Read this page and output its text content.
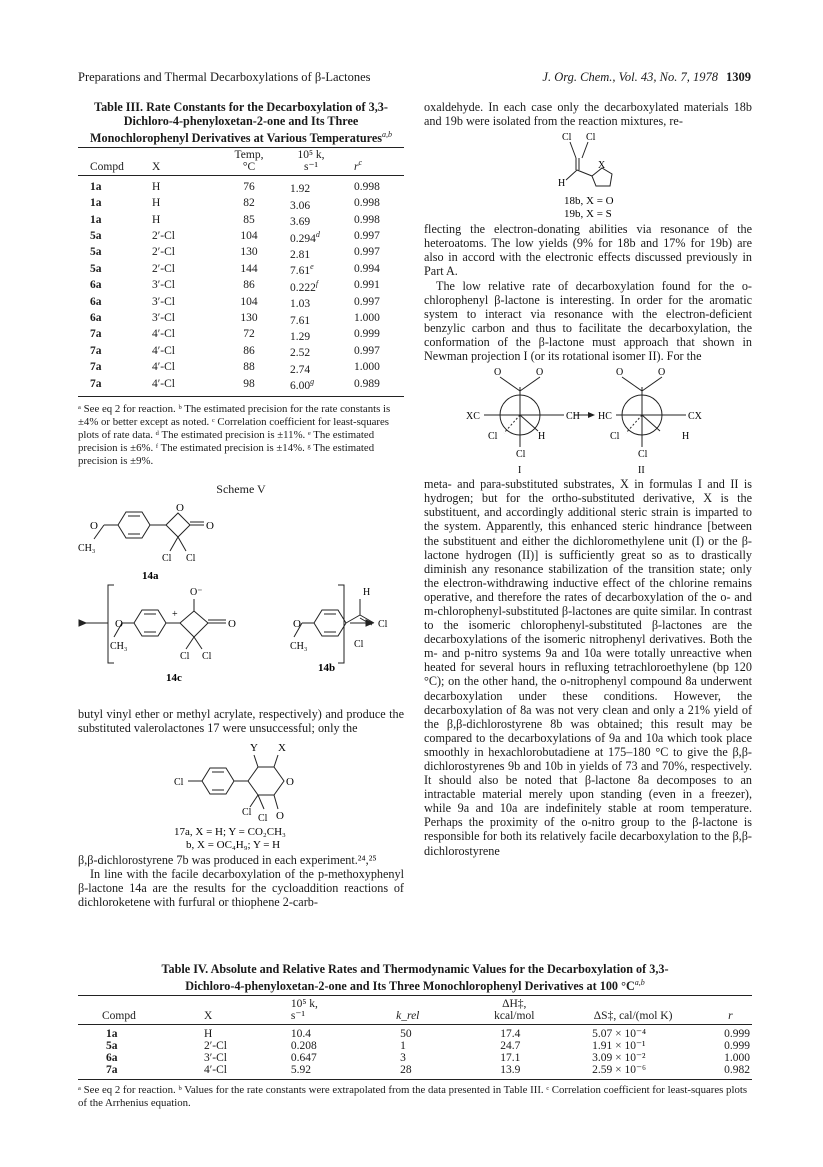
Preparations and Thermal Decarboxylations of β-Lactones	J. Org. Chem., Vol. 43, No. 7, 1978 1309
Table III. Rate Constants for the Decarboxylation of 3,3-Dichloro-4-phenyloxetan-2-one and Its Three Monochlorophenyl Derivatives at Various Temperatures$^{a,b}$
Compd	X	Temp, °C	10⁵ k, s⁻¹	$r^c$

1a	H	76	1.92	0.998
1a	H	82	3.06	0.998
1a	H	85	3.69	0.998
5a	2′-Cl	104	0.294$^d$	0.997
5a	2′-Cl	130	2.81	0.997
5a	2′-Cl	144	7.61e	0.994
6a	3′-Cl	86	0.222$^f$	0.991
6a	3′-Cl	104	1.03	0.997
6a	3′-Cl	130	7.61	1.000
7a	4′-Cl	72	1.29	0.999
7a	4′-Cl	86	2.52	0.997
7a	4′-Cl	88	2.74	1.000
7a	4′-Cl	98	6.00$^g$	0.989

ᵃ See eq 2 for reaction. ᵇ The estimated precision for the rate constants is ±4% or better except as noted. ᶜ Correlation coefficient for least-squares plots of rate data. ᵈ The estimated precision is ±11%. ᵉ The estimated precision is ±6%. ᶠ The estimated precision is ±14%. ᵍ The estimated precision is ±9%.
Scheme V
O
CH₃
O
O
Cl Cl
14a
O
CH₃
+
O⁻
O
Cl Cl
14c
O
CH₃
H
Cl
Cl
14b

butyl vinyl ether or methyl acrylate, respectively) and produce the substituted valerolactones 17 were unsuccessful; only the

Y X
Cl	O
Cl
Cl O
17a, X = H; Y = CO₂CH₃
b, X = OC₄H₉; Y = H

β,β-dichlorostyrene 7b was produced in each experiment.²⁴,²⁵

In line with the facile decarboxylation of the p-methoxyphenyl β-lactone 14a are the results for the cycloaddition reactions of dichloroketene with furfural or thiophene 2-carb-

oxaldehyde. In each case only the decarboxylated materials 18b and 19b were isolated from the reaction mixtures, re-

Cl Cl
H
X
18b, X = O
19b, X = S

flecting the electron-donating abilities via resonance of the heteroatoms. The low yields (9% for 18b and 17% for 19b) are also in accord with the electronic effects discussed previously in Part A.

The low relative rate of decarboxylation found for the o-chlorophenyl β-lactone is interesting. In order for the aromatic system to interact via resonance with the electron-deficient benzylic carbon and thus to facilitate the decarboxylation, the conformation of the β-lactone must approach that shown in Newman projection I (or its rotational isomer II). For the

O	O
XC	CH
Cl	H
Cl
I
O	O
HC	CX
Cl	H
Cl
II

meta- and para-substituted substrates, X in formulas I and II is hydrogen; but for the ortho-substituted derivative, X is the substituent, and accordingly additional steric strain is imparted to the system. Apparently, this enhanced steric hindrance [between the substituent and either the dichloromethylene unit (I) or the β-lactone hydrogen (II)] is sufficiently great so as to drastically diminish any resonance stabilization of the transition state; only the electron-withdrawing inductive effect of the chlorine remains operative, and therefore the rates of decarboxylation of the o- and m-chlorophenyl-substituted β-lactones are quite similar. In contrast to the isomeric chlorophenyl-substituted β-lactones are the decarboxylations of the isomeric nitrophenyl derivatives. Both the m- and p-nitro systems 9a and 10a were totally unreactive when heated for several hours in refluxing tetrachloroethylene (bp 120 °C); on the other hand, the o-nitrophenyl compound 8a underwent decarboxylation under these conditions. However, the decarboxylation of 8a was not very clean and only a 21% yield of the β,β-dichlorostyrene 8b was obtained; this result may be compared to the decarboxylations of 9a and 10a which took place smoothly in hexachlorobutadiene at 175–180 °C to give the β,β-dichlorostyrenes 9b and 10b in yields of 73 and 70%, respectively. It should also be noted that β-lactone 8a decomposes to an intractable material merely upon standing (even in a freezer), while 9a and 10a are indefinitely stable at room temperature. Perhaps the proximity of the o-nitro group to the β-lactone is responsible for both its relatively facile decarboxylation to the β,β-dichlorostyrene

Table IV. Absolute and Relative Rates and Thermodynamic Values for the Decarboxylation of 3,3-Dichloro-4-phenyloxetan-2-one and Its Three Monochlorophenyl Derivatives at 100 $^\circ C^{a,b}$
Compd	X	10⁵ k, s⁻¹	k_rel	ΔH‡, kcal/mol	ΔS‡, cal/(mol K)	r

1a	H	10.4	50	17.4	5.07 × 10⁻⁴	0.999
5a	2′-Cl	0.208	1	24.7	1.91 × 10⁻¹	0.999
6a	3′-Cl	0.647	3	17.1	3.09 × 10⁻²	1.000
7a	4′-Cl	5.92	28	13.9	2.59 × 10⁻⁶	0.982

ᵃ See eq 2 for reaction. ᵇ Values for the rate constants were extrapolated from the data presented in Table III. ᶜ Correlation coefficient for least-squares plots of the Arrhenius equation.
